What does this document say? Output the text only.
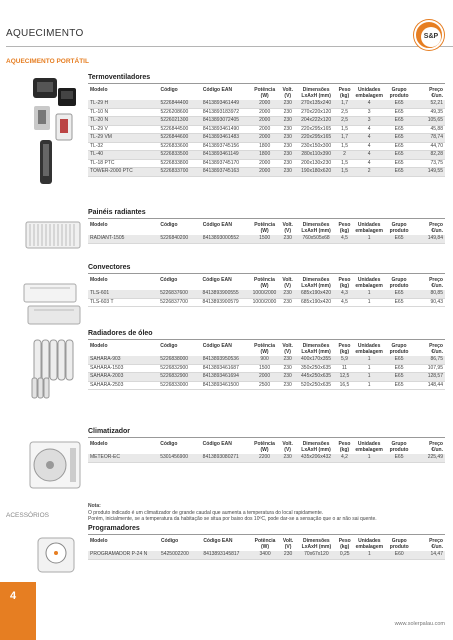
AQUECIMENTO	S&P
AQUECIMENTO PORTÁTIL
ACESSÓRIOS
Termoventiladores
Modelo	Código	Código EAN	Potência
(W)	Volt.
(V)	Dimensões
LxAxH (mm)	Peso
(kg)	Unidades
embalagem	Grupo
produto	Preço
€/un.
TL-29 H	5226844400	8413893461449	2000	230	270x135x240	1,7	4	E65	52,21
TL-10 N	5226208600	8413893183972	2000	230	270x220x120	2,5	3	E65	49,35
TL-20 N	5226021300	8413893072405	2000	230	204x222x120	2,5	3	E65	105,65
TL-29 V	5226844500	8413893461490	2000	230	220x295x165	1,5	4	E65	45,88
TL-29 VM	5226844600	8413893461483	2000	230	220x295x165	1,7	4	E65	78,74
TL-32	5226833600	8413893745156	1800	230	230x150x300	1,5	4	E65	44,70
TL-40	5226833500	8413893461149	1800	230	280x110x390	2	4	E65	82,28
TL-18 PTC	5226833800	8413893745170	2000	230	200x130x230	1,5	4	E65	73,75
TOWER-2000 PTC	5226833700	8413893745163	2000	230	190x180x620	1,5	2	E65	149,55
Painéis radiantes
Modelo	Código	Código EAN	Potência
(W)	Volt.
(V)	Dimensões
LxAxH (mm)	Peso
(kg)	Unidades
embalagem	Grupo
produto	Preço
€/un.
RADIANT-1505	5226840200	8413893000552	1500	230	760x505x68	4,5	1	E65	149,84
Convectores
Modelo	Código	Código EAN	Potência
(W)	Volt.
(V)	Dimensões
LxAxH (mm)	Peso
(kg)	Unidades
embalagem	Grupo
produto	Preço
€/un.
TLS-601	5226837600	8413893900555	1000/2000	230	685x190x420	4,3	1	E65	80,85
TLS-603 T	5226837700	8413893900579	1000/2000	230	685x190x420	4,5	1	E65	90,43
Radiadores de óleo
Modelo	Código	Código EAN	Potência
(W)	Volt.
(V)	Dimensões
LxAxH (mm)	Peso
(kg)	Unidades
embalagem	Grupo
produto	Preço
€/un.
SAHARA-903	5226838000	8413893950536	900	230	400x170x355	5,9	1	E65	86,75
SAHARA-1503	5226832900	8413893461687	1500	230	350x250x635	11	1	E65	107,95
SAHARA-2003	5226832900	8413893461694	2000	230	445x250x635	12,5	1	E65	128,57
SAHARA-2503	5226833000	8413893461500	2500	230	520x250x635	16,5	1	E65	148,44
Climatizador
Modelo	Código	Código EAN	Potência
(W)	Volt.
(V)	Dimensões
LxAxH (mm)	Peso
(kg)	Unidades
embalagem	Grupo
produto	Preço
€/un.
METEOR-EC	5301456900	8413893080271	2200	230	435x206x432	4,2	1	E65	225,49
Nota:
O produto indicado é um climatizador de grande caudal que aumenta a temperatura do local rapidamente.
Porém, inicialmente, se a temperatura da habitação se situa por baixo dos 10ºC, pode dar-se a sensação que o ar não sai quente.
Programadores
Modelo	Código	Código EAN	Potência
(W)	Volt.
(V)	Dimensões
LxAxH (mm)	Peso
(kg)	Unidades
embalagem	Grupo
produto	Preço
€/un.
PROGRAMADOR P-24 N	5425002200	8413893145817	3400	230	70x67x120	0,25	1	E60	14,47
4
www.solerpalau.com
